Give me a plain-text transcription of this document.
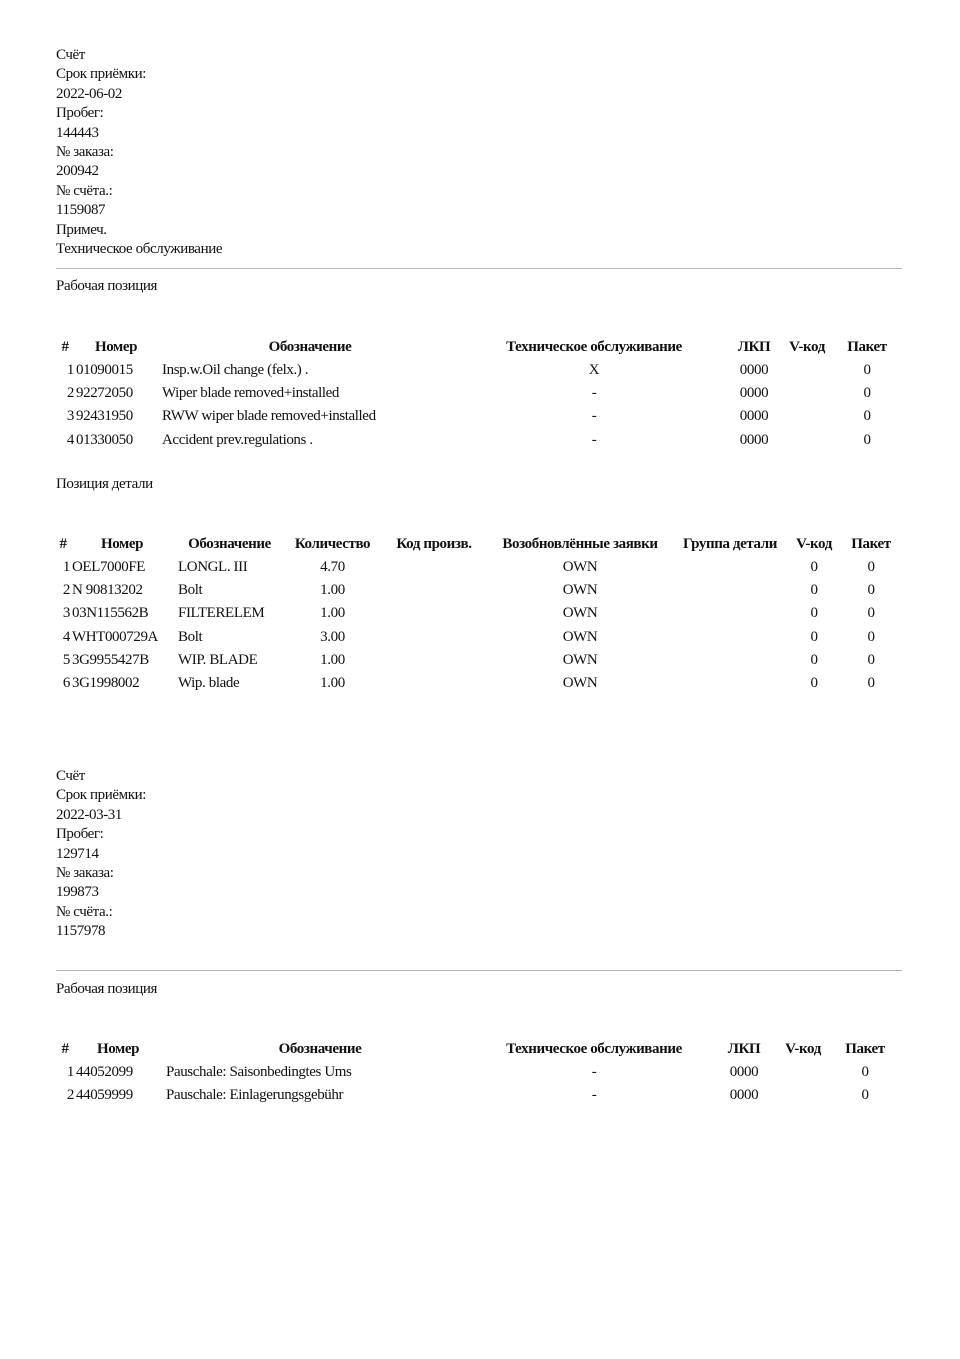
Счёт
Срок приёмки:
2022-06-02
Пробег:
144443
№ заказа:
200942
№ счёта.:
1159087
Примеч.
Техническое обслуживание
Рабочая позиция
#	Номер	Обозначение	Техническое обслуживание	ЛКП	V-код	Пакет
1	01090015	Insp.w.Oil change (felx.) .	X	0000		0
2	92272050	Wiper blade removed+installed	-	0000		0
3	92431950	RWW wiper blade removed+installed	-	0000		0
4	01330050	Accident prev.regulations .	-	0000		0
Позиция детали
#	Номер	Обозначение	Количество	Код произв.	Возобновлённые заявки	Группа детали	V-код	Пакет
1	OEL7000FE	LONGL. III	4.70		OWN		0	0
2	N 90813202	Bolt	1.00		OWN		0	0
3	03N115562B	FILTERELEM	1.00		OWN		0	0
4	WHT000729A	Bolt	3.00		OWN		0	0
5	3G9955427B	WIP. BLADE	1.00		OWN		0	0
6	3G1998002	Wip. blade	1.00		OWN		0	0
Счёт
Срок приёмки:
2022-03-31
Пробег:
129714
№ заказа:
199873
№ счёта.:
1157978
Рабочая позиция
#	Номер	Обозначение	Техническое обслуживание	ЛКП	V-код	Пакет
1	44052099	Pauschale: Saisonbedingtes Ums	-	0000		0
2	44059999	Pauschale: Einlagerungsgebühr	-	0000		0
